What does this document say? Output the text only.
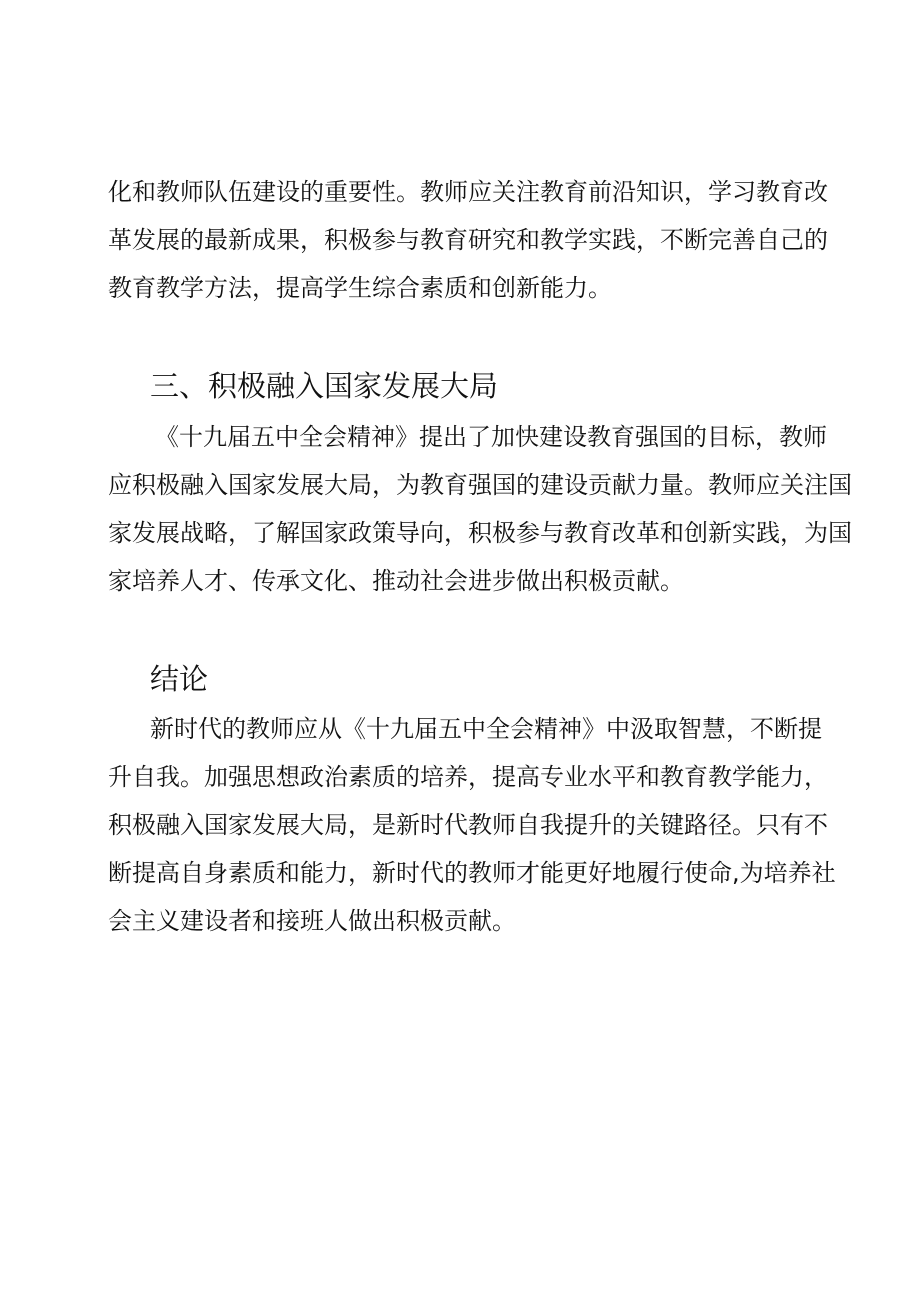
化和教师队伍建设的重要性。教师应关注教育前沿知识，学习教育改
革发展的最新成果，积极参与教育研究和教学实践，不断完善自己的
教育教学方法，提高学生综合素质和创新能力。
三、积极融入国家发展大局
《十九届五中全会精神》提出了加快建设教育强国的目标，教师
应积极融入国家发展大局，为教育强国的建设贡献力量。教师应关注国
家发展战略，了解国家政策导向，积极参与教育改革和创新实践，为国
家培养人才、传承文化、推动社会进步做出积极贡献。
结论
新时代的教师应从《十九届五中全会精神》中汲取智慧，不断提
升自我。加强思想政治素质的培养，提高专业水平和教育教学能力，
积极融入国家发展大局，是新时代教师自我提升的关键路径。只有不
断提高自身素质和能力，新时代的教师才能更好地履行使命,为培养社
会主义建设者和接班人做出积极贡献。
